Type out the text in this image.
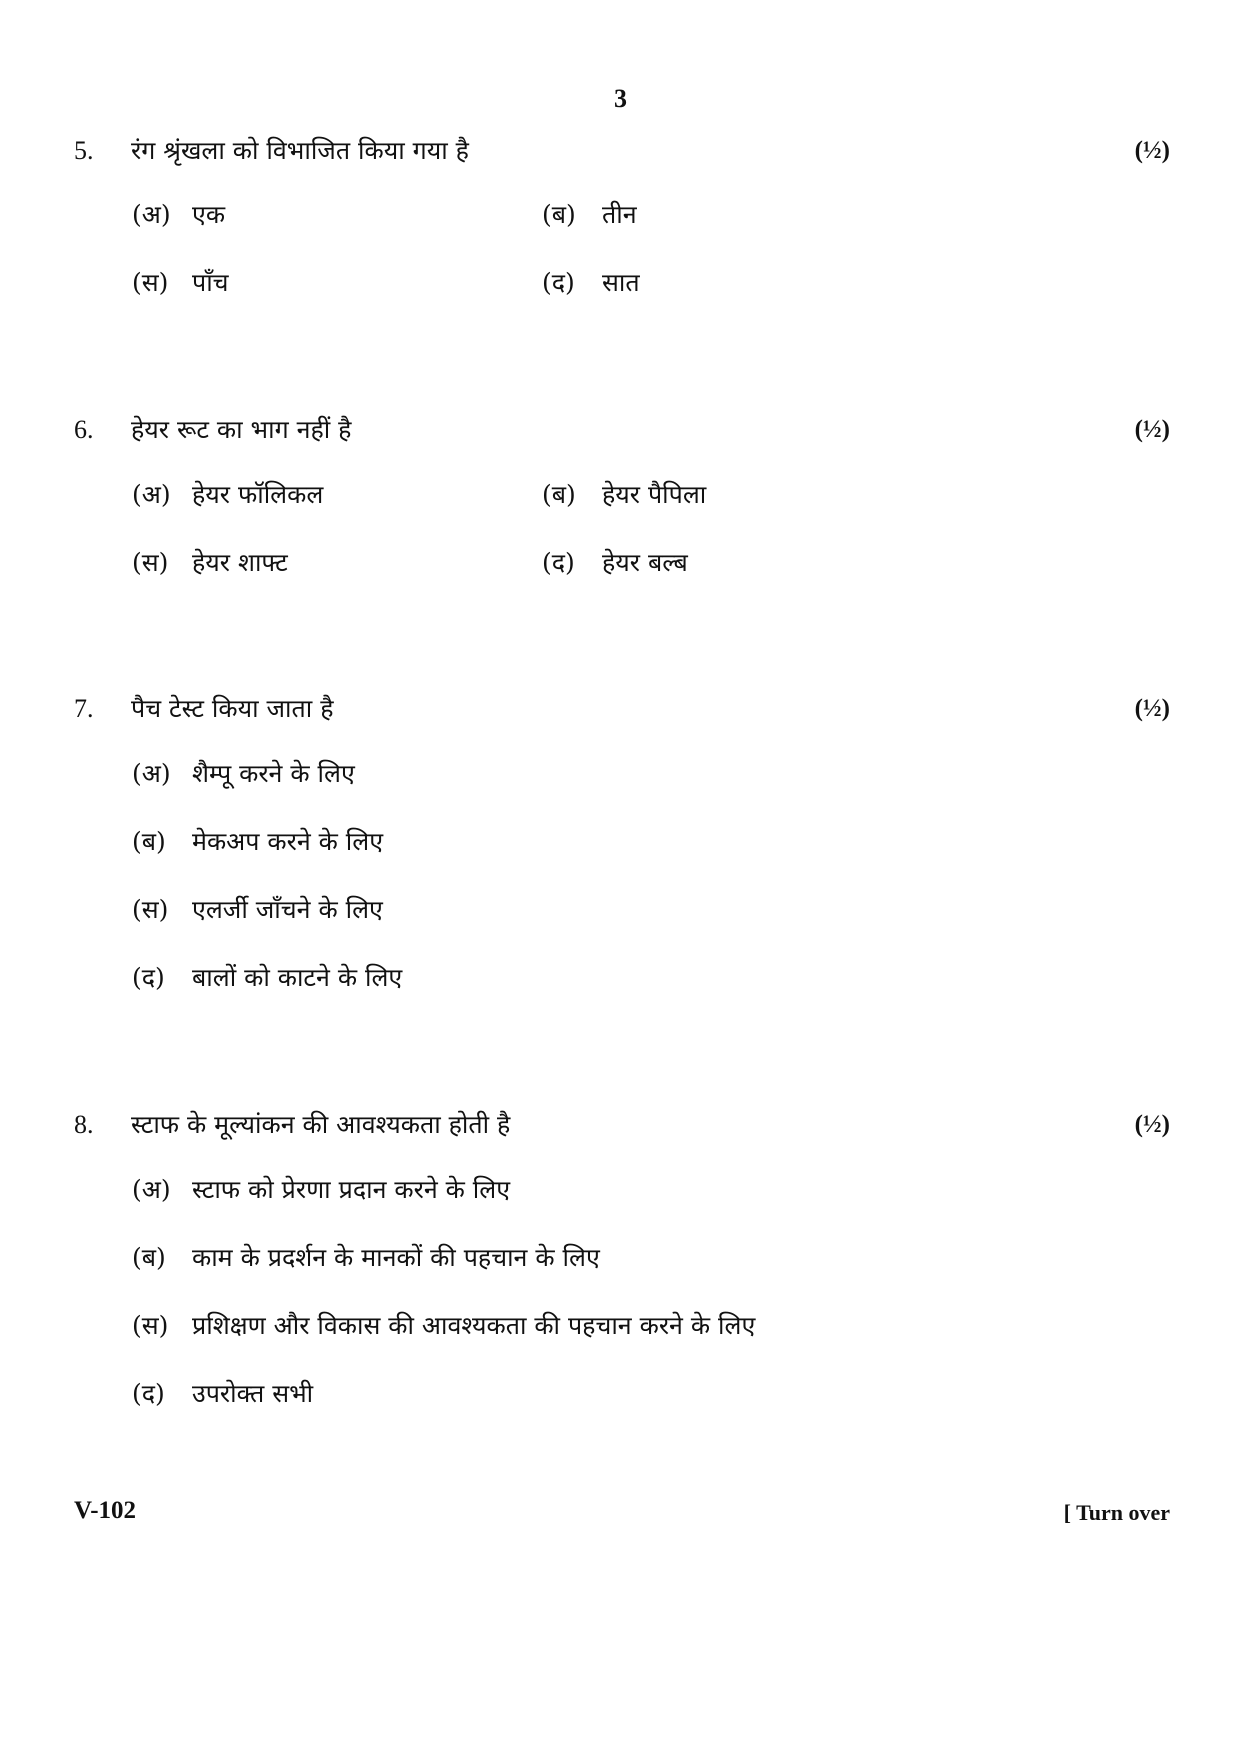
3
5. रंग श्रृंखला को विभाजित किया गया है	(½)
(अ) एक	(ब) तीन
(स) पाँच	(द) सात
6. हेयर रूट का भाग नहीं है	(½)
(अ) हेयर फॉलिकल	(ब) हेयर पैपिला
(स) हेयर शाफ्ट	(द) हेयर बल्ब
7. पैच टेस्ट किया जाता है	(½)
(अ) शैम्पू करने के लिए
(ब) मेकअप करने के लिए
(स) एलर्जी जाँचने के लिए
(द) बालों को काटने के लिए
8. स्टाफ के मूल्यांकन की आवश्यकता होती है	(½)
(अ) स्टाफ को प्रेरणा प्रदान करने के लिए
(ब) काम के प्रदर्शन के मानकों की पहचान के लिए
(स) प्रशिक्षण और विकास की आवश्यकता की पहचान करने के लिए
(द) उपरोक्त सभी
V-102	[ Turn over
